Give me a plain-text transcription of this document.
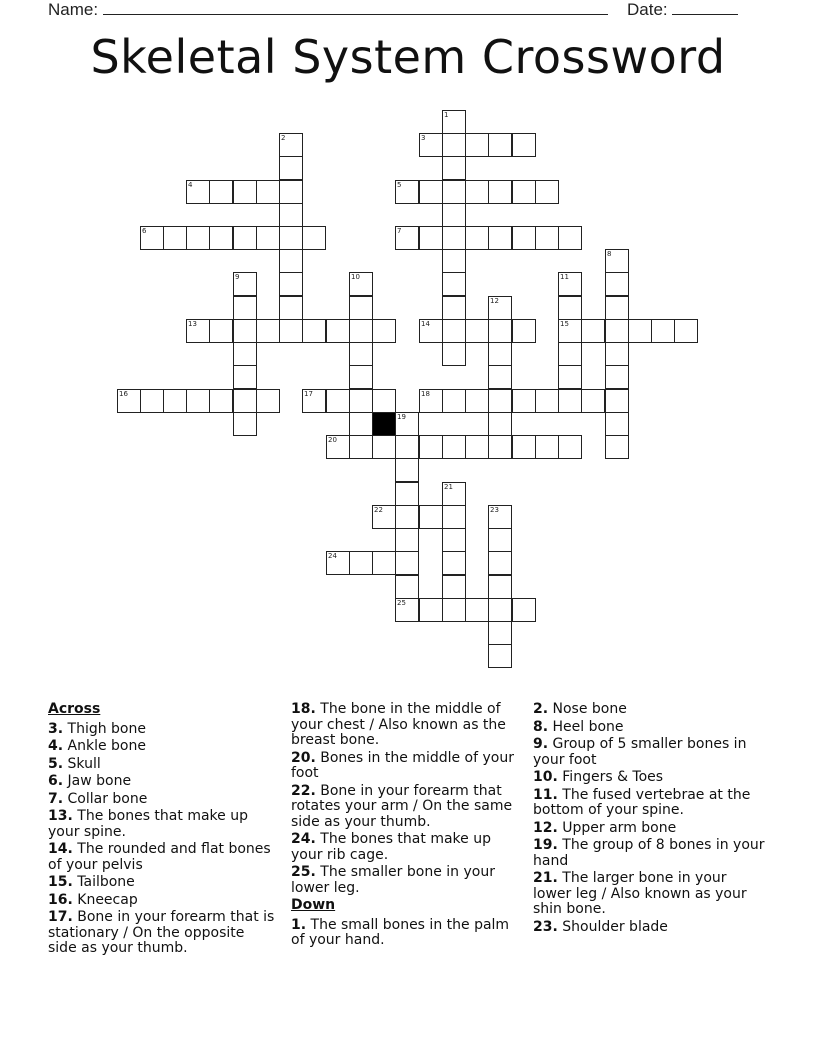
Name:	Date:
Skeletal System Crossword
3
4	5
6	7
13	14	15
16	17	18
20
22
24
25
1
2
8
9	10	11
12
19
21
23
Across
3. Thigh bone
4. Ankle bone
5. Skull
6. Jaw bone
7. Collar bone
13. The bones that make up your spine.
14. The rounded and flat bones of your pelvis
15. Tailbone
16. Kneecap
17. Bone in your forearm that is stationary / On the opposite side as your thumb.
18. The bone in the middle of your chest / Also known as the breast bone.
20. Bones in the middle of your foot
22. Bone in your forearm that rotates your arm / On the same side as your thumb.
24. The bones that make up your rib cage.
25. The smaller bone in your lower leg.
Down
1. The small bones in the palm of your hand.
2. Nose bone
8. Heel bone
9. Group of 5 smaller bones in your foot
10. Fingers & Toes
11. The fused vertebrae at the bottom of your spine.
12. Upper arm bone
19. The group of 8 bones in your hand
21. The larger bone in your lower leg / Also known as your shin bone.
23. Shoulder blade
